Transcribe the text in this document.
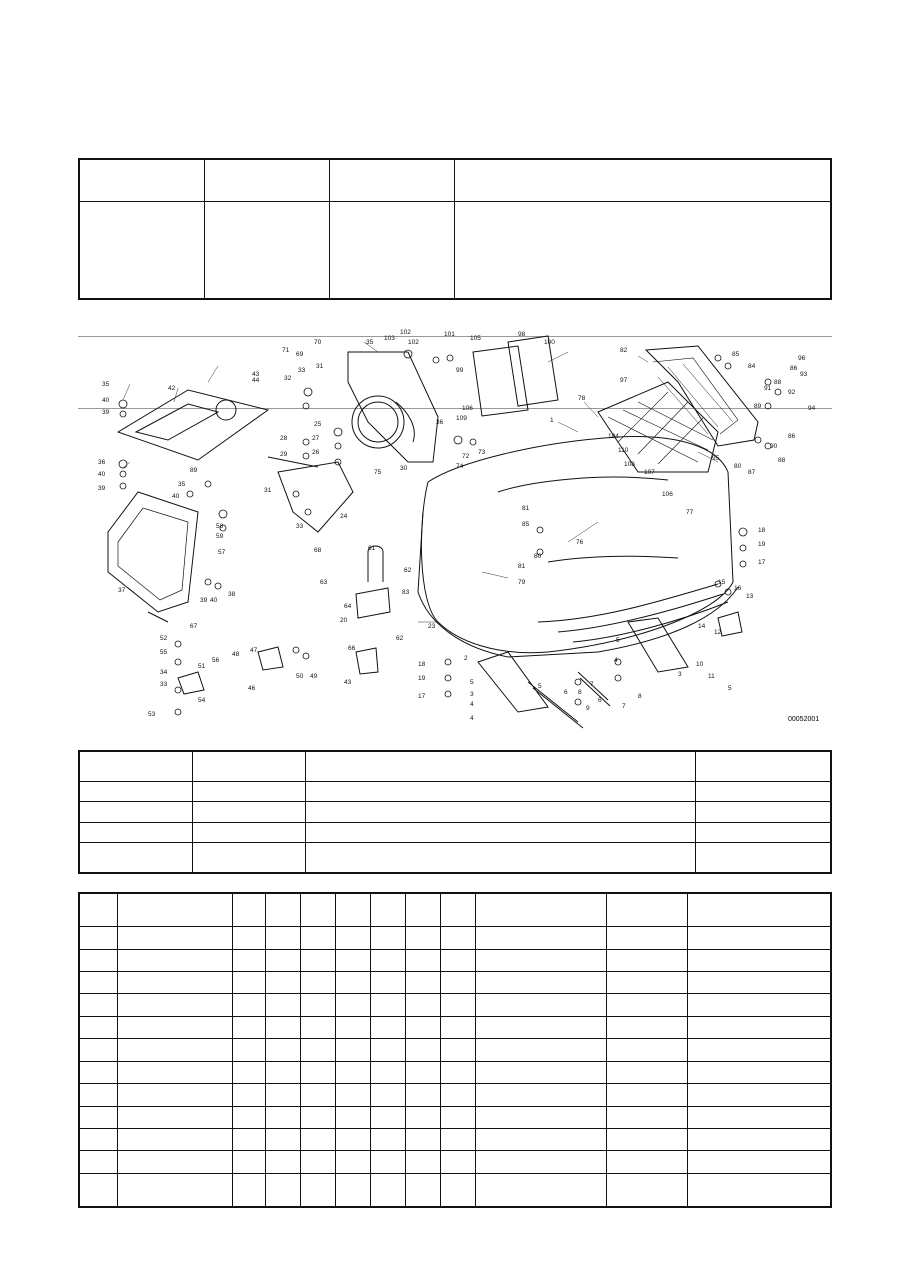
35
40
39
42
36
40
39
89
35
40
58
59
57
37
39 40
38
67
52
55
34
33
53
54
51
56
48
47
46
50 49
43
44
43
71
69
70
31
32
33
28
29
25
27
26
31
33
68
24
35
103
102
102
101
105
98
100
99
106
109
36
75
30
72
73
74
78
1
104
110
108
107
106
77
95
82
97
85
84
96
86
93
91
88
92
94
89
86
90
88
80
87
81
85
80
81
76
79
61
62
63
83
64
20
62
66
23
18
19
17
2
5
3
4
4
5
6 8
9
7
6
7
8
5
4
10
11
5
3
12
14
15
16
13
18
19
17
00052001
